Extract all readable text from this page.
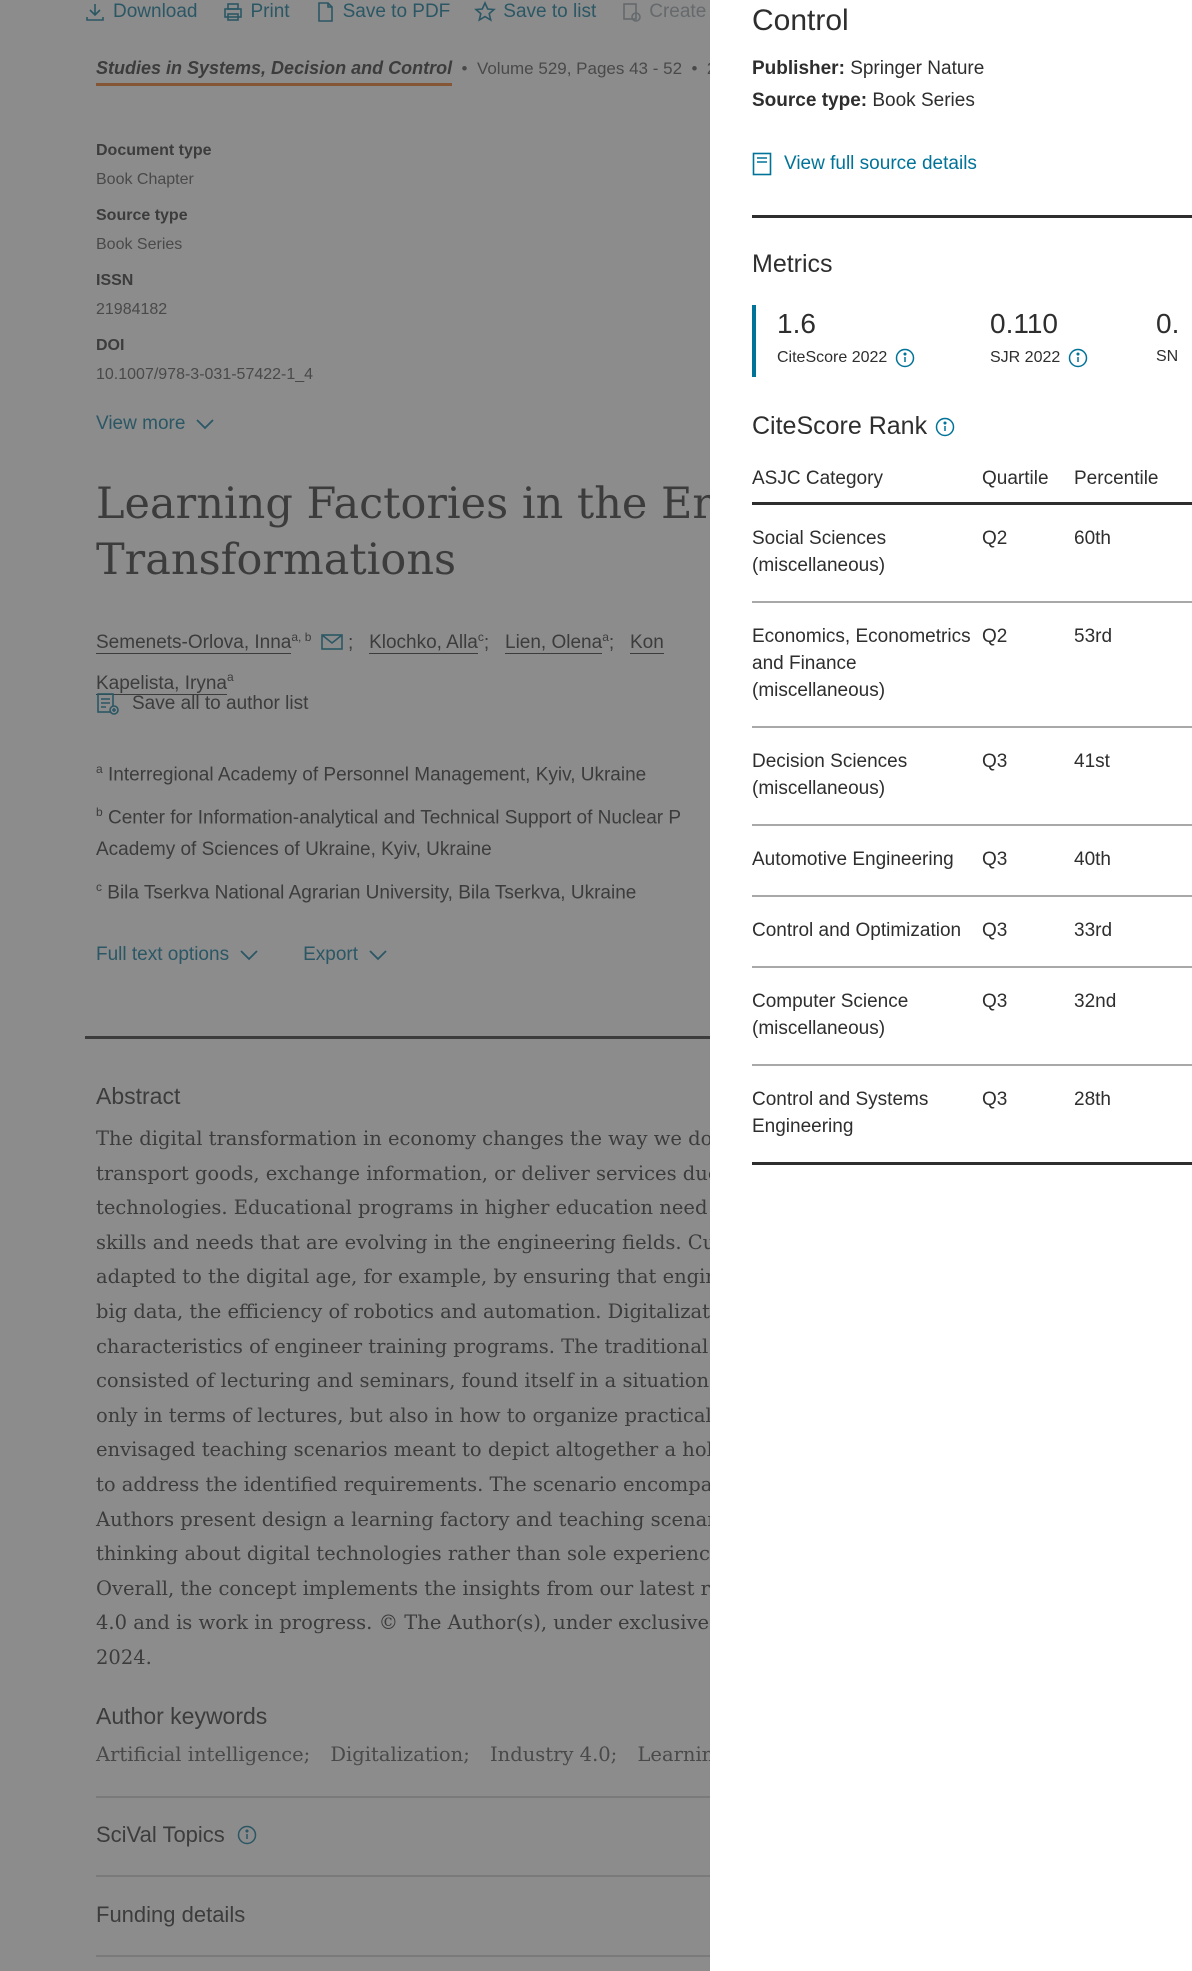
Control
Publisher: Springer Nature
Source type: Book Series
View full source details
Metrics
1.6
CiteScore 2022
0.110
SJR 2022
0.
SN
CiteScore Rank
ASJC Category	Quartile	Percentile
Social Sciences (miscellaneous)	Q2	60th
Economics, Econometrics and Finance (miscellaneous)	Q2	53rd
Decision Sciences (miscellaneous)	Q3	41st
Automotive Engineering	Q3	40th
Control and Optimization	Q3	33rd
Computer Science (miscellaneous)	Q3	32nd
Control and Systems Engineering	Q3	28th
